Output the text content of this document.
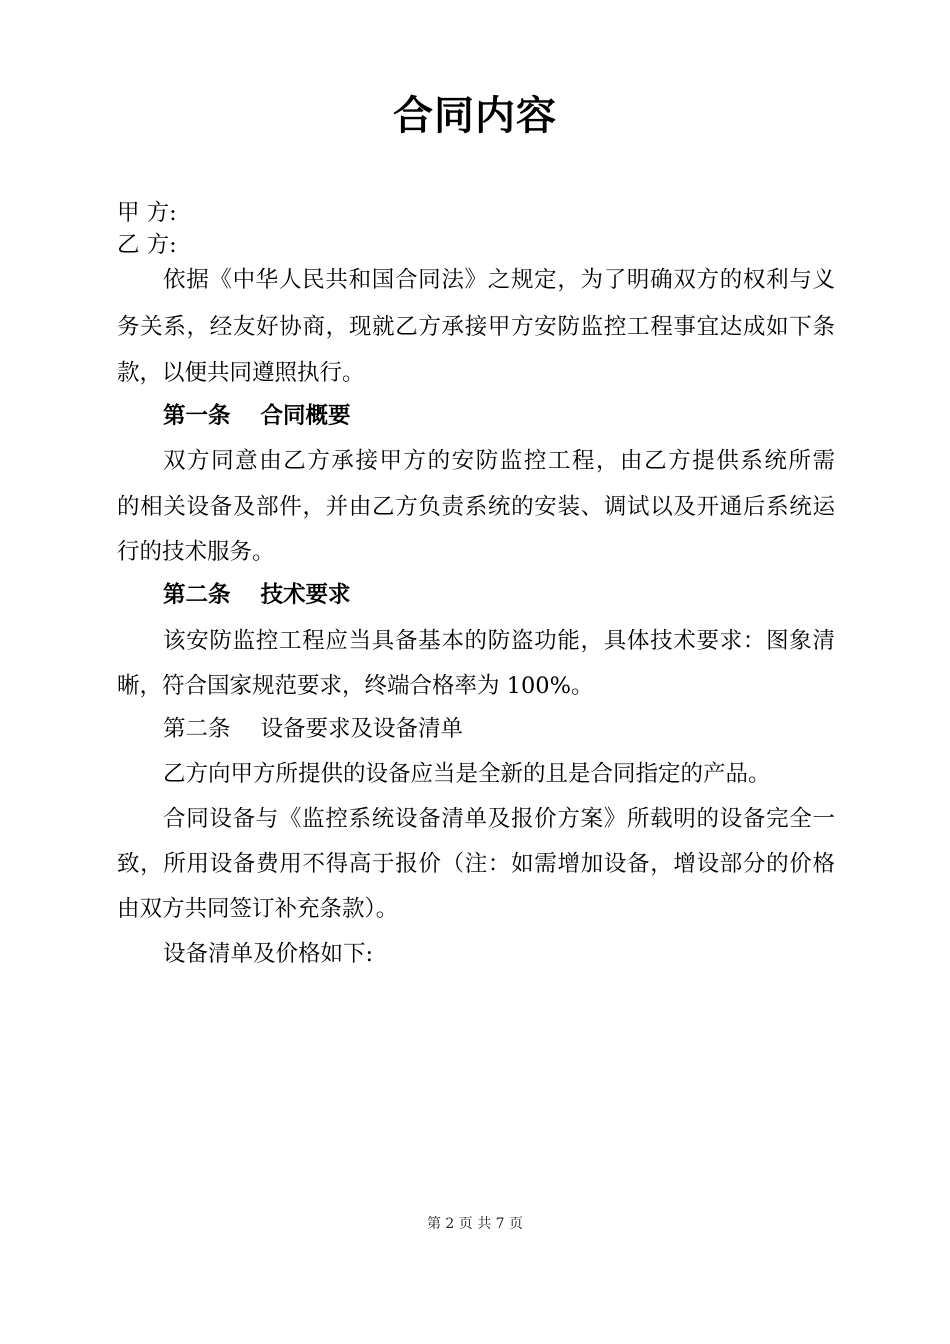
合同内容
甲 方:
乙 方:
依据《中华人民共和国合同法》之规定，为了明确双方的权利与义
务关系，经友好协商，现就乙方承接甲方安防监控工程事宜达成如下条
款，以便共同遵照执行。
第一条 合同概要
双方同意由乙方承接甲方的安防监控工程，由乙方提供系统所需
的相关设备及部件，并由乙方负责系统的安装、调试以及开通后系统运
行的技术服务。
第二条 技术要求
该安防监控工程应当具备基本的防盗功能，具体技术要求：图象清
晰，符合国家规范要求，终端合格率为 100%。
第二条 设备要求及设备清单
乙方向甲方所提供的设备应当是全新的且是合同指定的产品。
合同设备与《监控系统设备清单及报价方案》所载明的设备完全一
致，所用设备费用不得高于报价（注：如需增加设备，增设部分的价格
由双方共同签订补充条款）。
设备清单及价格如下:
第 2 页 共 7 页
